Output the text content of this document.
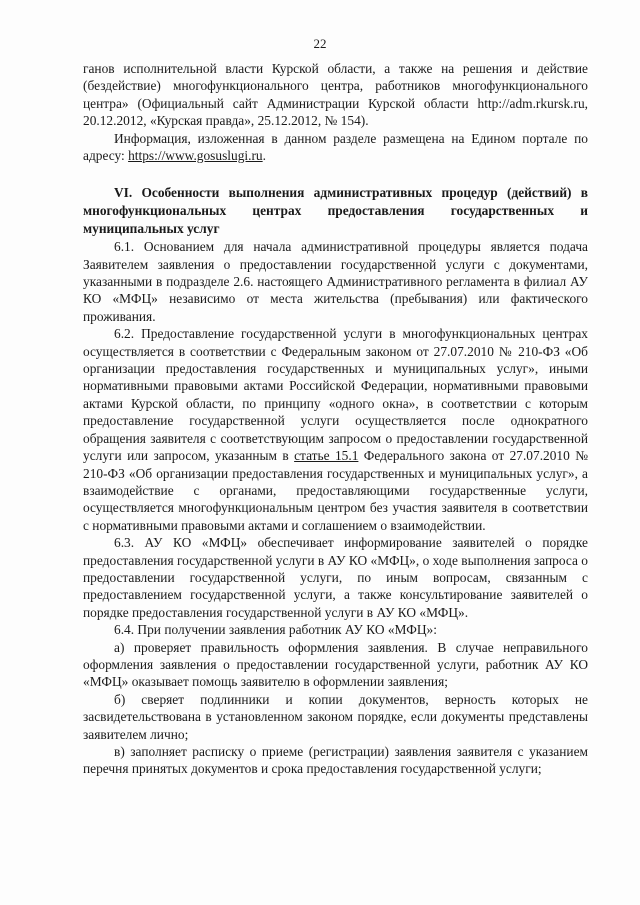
22

ганов исполнительной власти Курской области, а также на решения и действие (бездействие) многофункционального центра, работников многофункционального центра» (Официальный сайт Администрации Курской области http://adm.rkursk.ru, 20.12.2012, «Курская правда», 25.12.2012, № 154).

Информация, изложенная в данном разделе размещена на Едином портале по адресу: https://www.gosuslugi.ru.

VI. Особенности выполнения административных процедур (действий) в многофункциональных центрах предоставления государственных и муниципальных услуг

6.1. Основанием для начала административной процедуры является подача Заявителем заявления о предоставлении государственной услуги с документами, указанными в подразделе 2.6. настоящего Административного регламента в филиал АУ КО «МФЦ» независимо от места жительства (пребывания) или фактического проживания.

6.2. Предоставление государственной услуги в многофункциональных центрах осуществляется в соответствии с Федеральным законом от 27.07.2010 № 210-ФЗ «Об организации предоставления государственных и муниципальных услуг», иными нормативными правовыми актами Российской Федерации, нормативными правовыми актами Курской области, по принципу «одного окна», в соответствии с которым предоставление государственной услуги осуществляется после однократного обращения заявителя с соответствующим запросом о предоставлении государственной услуги или запросом, указанным в статье 15.1 Федерального закона от 27.07.2010 № 210-ФЗ «Об организации предоставления государственных и муниципальных услуг», а взаимодействие с органами, предоставляющими государственные услуги, осуществляется многофункциональным центром без участия заявителя в соответствии с нормативными правовыми актами и соглашением о взаимодействии.

6.3. АУ КО «МФЦ» обеспечивает информирование заявителей о порядке предоставления государственной услуги в АУ КО «МФЦ», о ходе выполнения запроса о предоставлении государственной услуги, по иным вопросам, связанным с предоставлением государственной услуги, а также консультирование заявителей о порядке предоставления государственной услуги в АУ КО «МФЦ».

6.4. При получении заявления работник АУ КО «МФЦ»:

а) проверяет правильность оформления заявления. В случае неправильного оформления заявления о предоставлении государственной услуги, работник АУ КО «МФЦ» оказывает помощь заявителю в оформлении заявления;

б) сверяет подлинники и копии документов, верность которых не засвидетельствована в установленном законом порядке, если документы представлены заявителем лично;

в) заполняет расписку о приеме (регистрации) заявления заявителя с указанием перечня принятых документов и срока предоставления государственной услуги;
